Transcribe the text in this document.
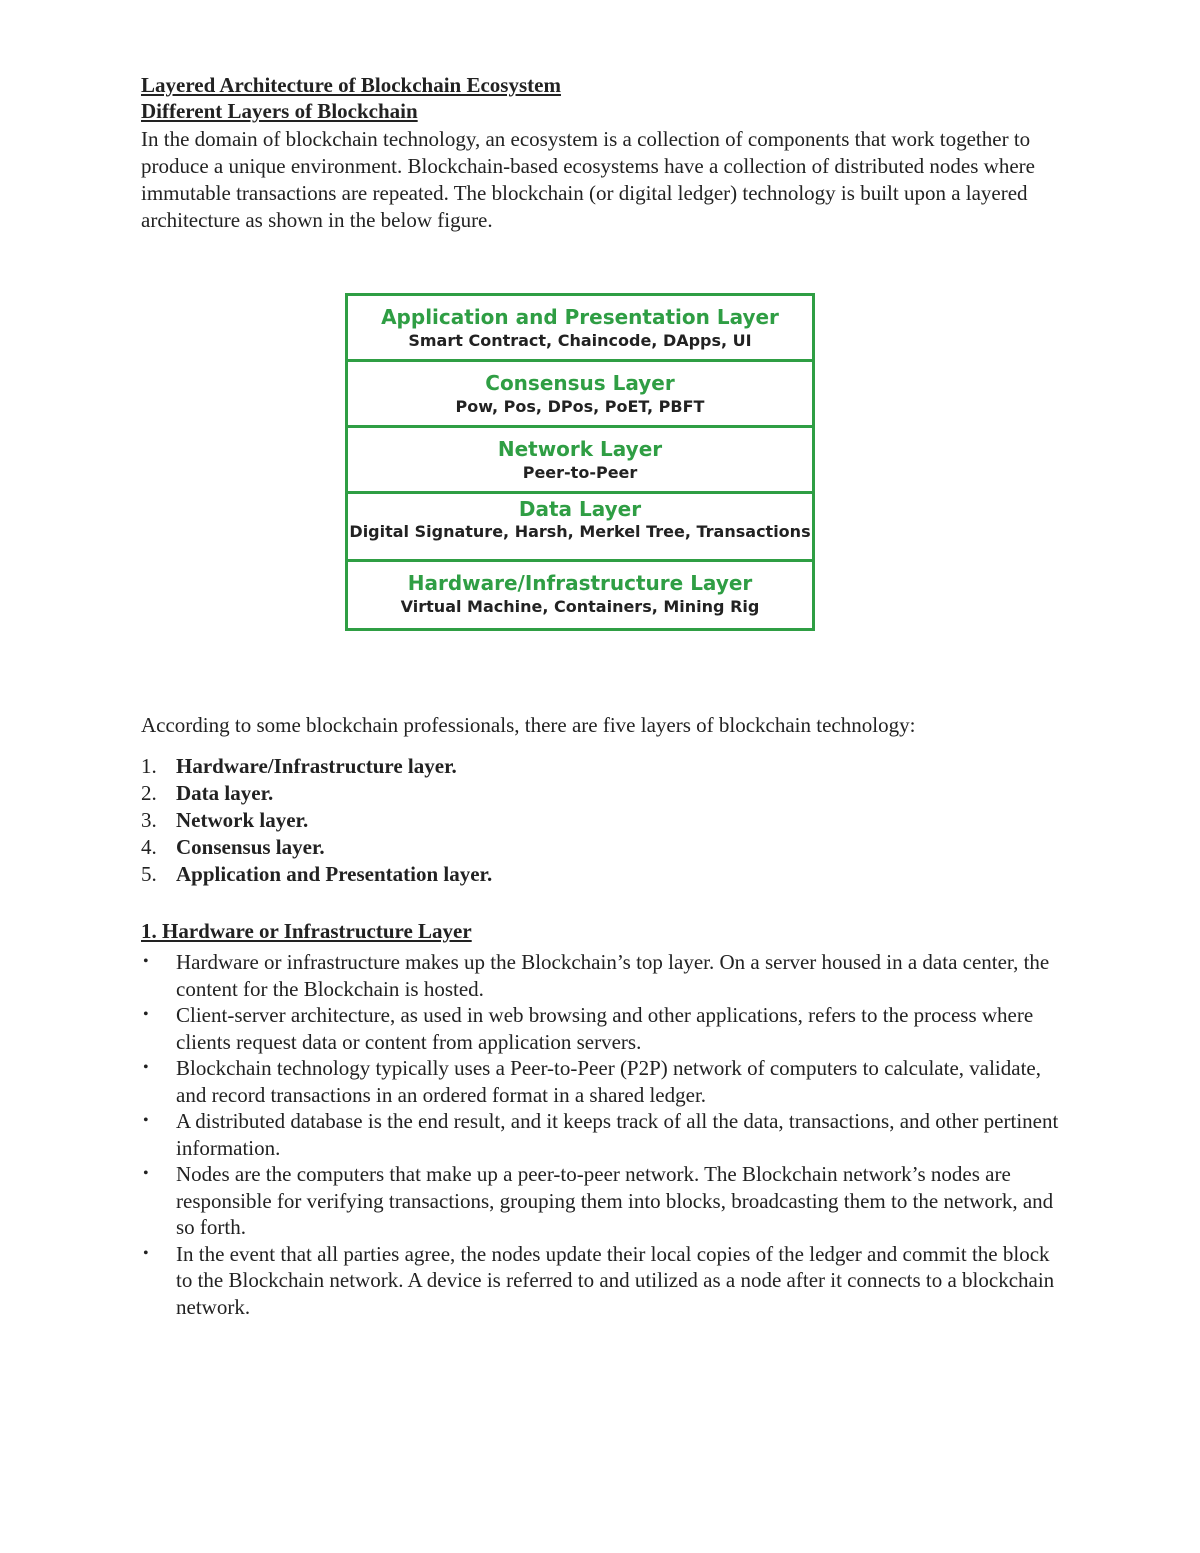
Layered Architecture of Blockchain Ecosystem
Different Layers of Blockchain

In the domain of blockchain technology, an ecosystem is a collection of components that work together to produce a unique environment. Blockchain-based ecosystems have a collection of distributed nodes where immutable transactions are repeated. The blockchain (or digital ledger) technology is built upon a layered architecture as shown in the below figure.

Application and Presentation Layer
Smart Contract, Chaincode, DApps, UI
Consensus Layer
Pow, Pos, DPos, PoET, PBFT
Network Layer
Peer-to-Peer
Data Layer
Digital Signature, Harsh, Merkel Tree, Transactions
Hardware/Infrastructure Layer
Virtual Machine, Containers, Mining Rig

According to some blockchain professionals, there are five layers of blockchain technology:

1. Hardware/Infrastructure layer.
2. Data layer.
3. Network layer.
4. Consensus layer.
5. Application and Presentation layer.
1. Hardware or Infrastructure Layer
•	Hardware or infrastructure makes up the Blockchain’s top layer. On a server housed in a data center, the content for the Blockchain is hosted.
•	Client-server architecture, as used in web browsing and other applications, refers to the process where clients request data or content from application servers.
•	Blockchain technology typically uses a Peer-to-Peer (P2P) network of computers to calculate, validate, and record transactions in an ordered format in a shared ledger.
•	A distributed database is the end result, and it keeps track of all the data, transactions, and other pertinent information.
•	Nodes are the computers that make up a peer-to-peer network. The Blockchain network’s nodes are responsible for verifying transactions, grouping them into blocks, broadcasting them to the network, and so forth.
•	In the event that all parties agree, the nodes update their local copies of the ledger and commit the block to the Blockchain network. A device is referred to and utilized as a node after it connects to a blockchain network.
